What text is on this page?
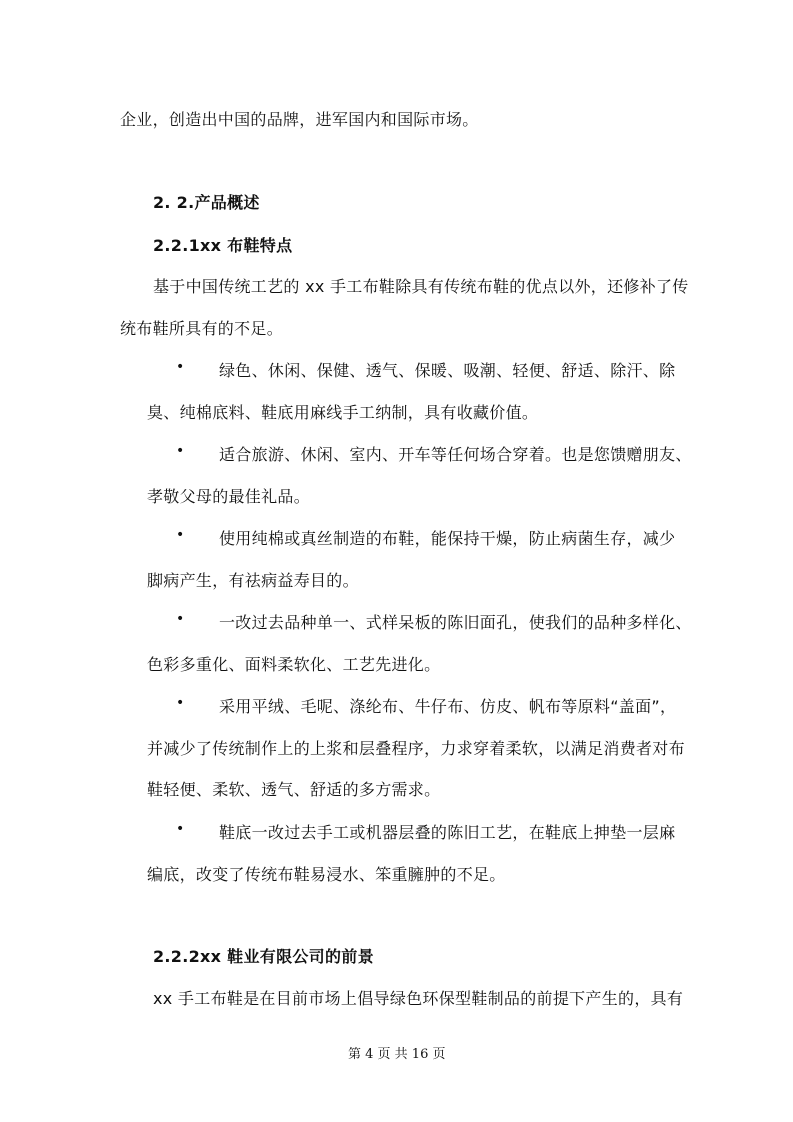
企业，创造出中国的品牌，进军国内和国际市场。
2. 2.产品概述
2.2.1xx 布鞋特点
基于中国传统工艺的 xx 手工布鞋除具有传统布鞋的优点以外，还修补了传
统布鞋所具有的不足。
• 绿色、休闲、保健、透气、保暖、吸潮、轻便、舒适、除汗、除
臭、纯棉底料、鞋底用麻线手工纳制，具有收藏价值。
• 适合旅游、休闲、室内、开车等任何场合穿着。也是您馈赠朋友、
孝敬父母的最佳礼品。
• 使用纯棉或真丝制造的布鞋，能保持干燥，防止病菌生存，减少
脚病产生，有祛病益寿目的。
• 一改过去品种单一、式样呆板的陈旧面孔，使我们的品种多样化、
色彩多重化、面料柔软化、工艺先进化。
• 采用平绒、毛呢、涤纶布、牛仔布、仿皮、帆布等原料“盖面”，
并减少了传统制作上的上浆和层叠程序，力求穿着柔软，以满足消费者对布
鞋轻便、柔软、透气、舒适的多方需求。
• 鞋底一改过去手工或机器层叠的陈旧工艺，在鞋底上抻垫一层麻
编底，改变了传统布鞋易浸水、笨重臃肿的不足。
2.2.2xx 鞋业有限公司的前景
xx 手工布鞋是在目前市场上倡导绿色环保型鞋制品的前提下产生的，具有
第 4 页 共 16 页
